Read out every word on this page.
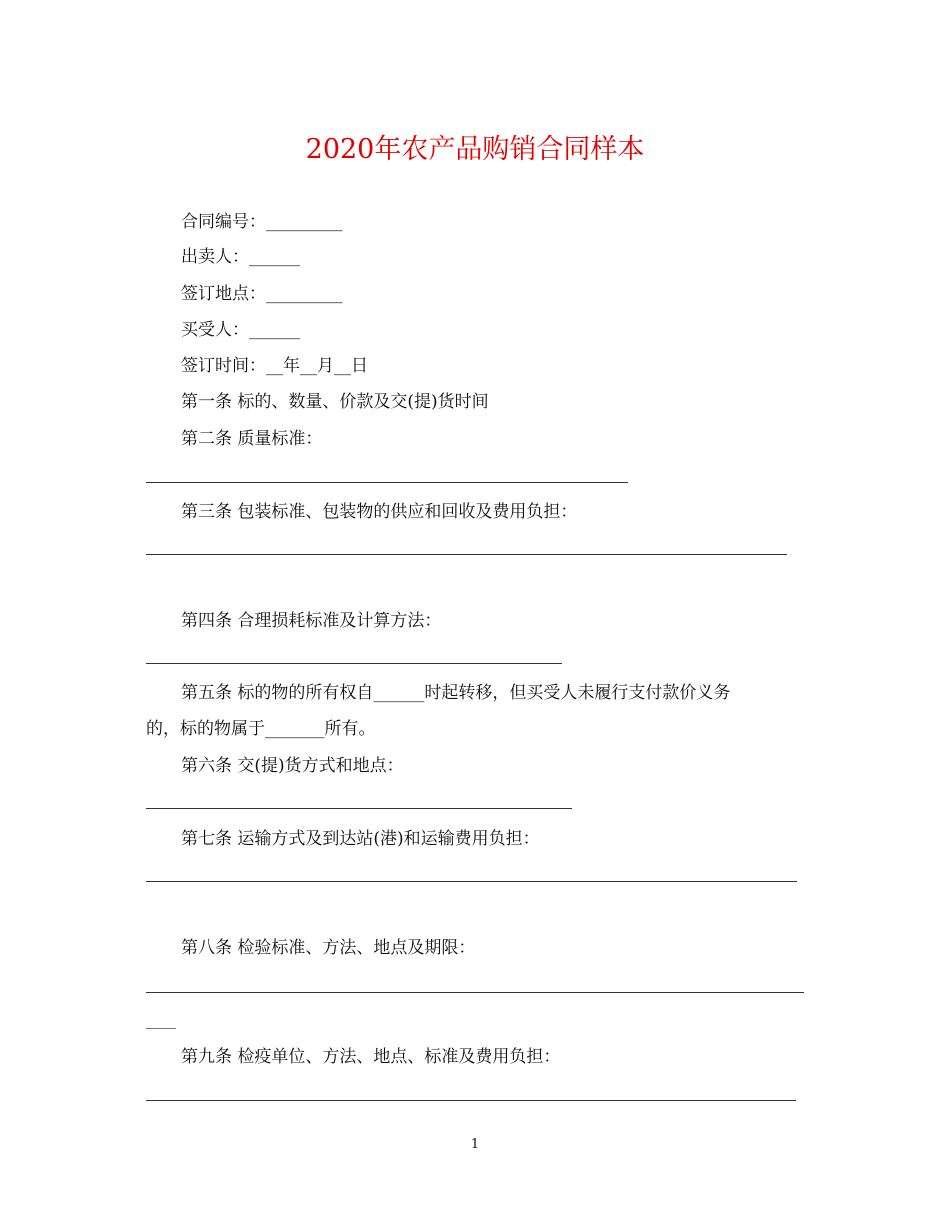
2020年农产品购销合同样本
合同编号：_________
出卖人：______
签订地点：_________
买受人：______
签订时间：__年__月__日
第一条 标的、数量、价款及交(提)货时间
第二条 质量标准：
第三条 包装标准、包装物的供应和回收及费用负担：
第四条 合理损耗标准及计算方法：
第五条 标的物的所有权自______时起转移，但买受人未履行支付款价义务
的，标的物属于_______所有。
第六条 交(提)货方式和地点：
第七条 运输方式及到达站(港)和运输费用负担：
第八条 检验标准、方法、地点及期限：
____
第九条 检疫单位、方法、地点、标准及费用负担：
1
